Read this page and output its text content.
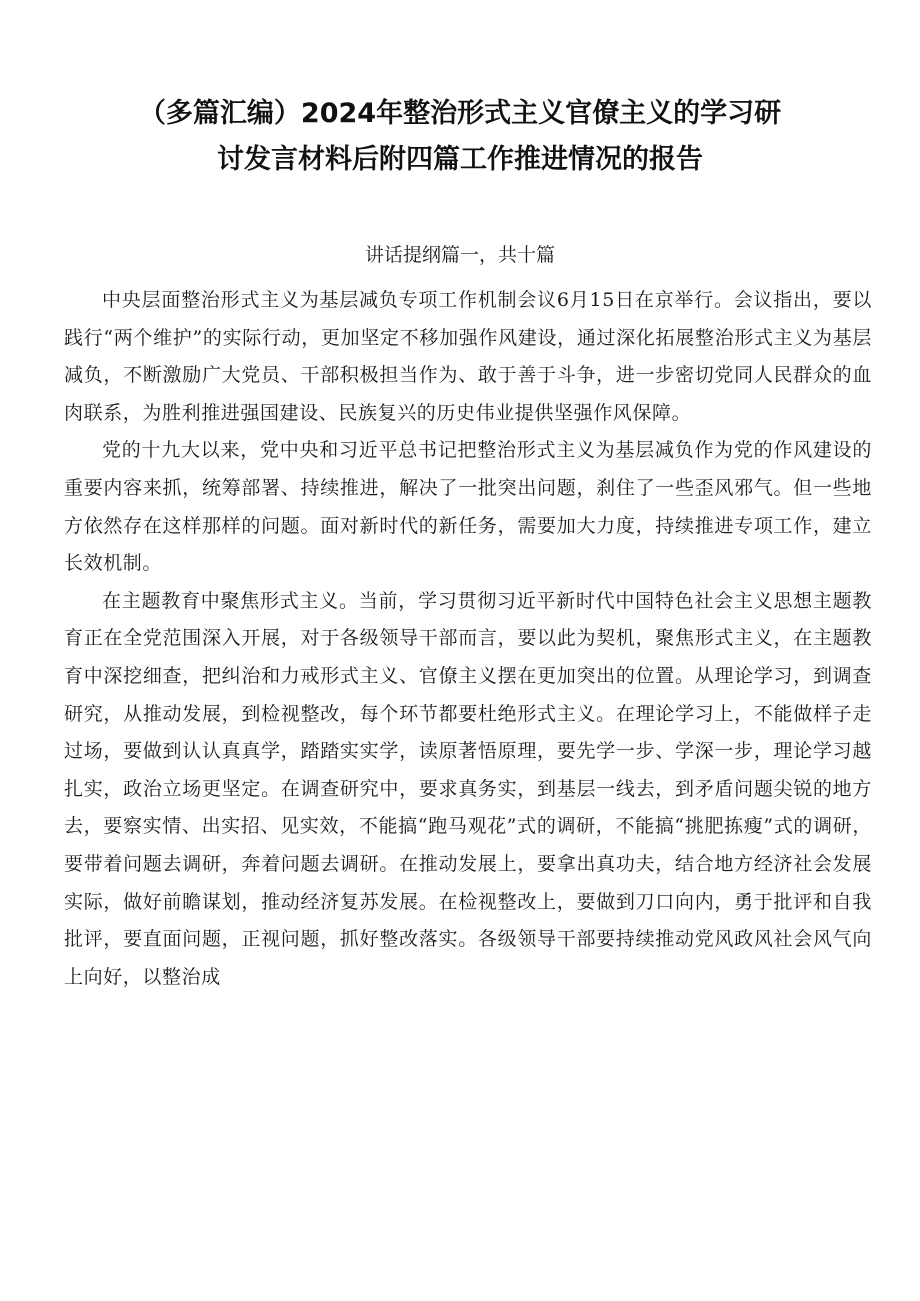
（多篇汇编）2024年整治形式主义官僚主义的学习研
讨发言材料后附四篇工作推进情况的报告
讲话提纲篇一，共十篇

中央层面整治形式主义为基层减负专项工作机制会议6月15日在京举行。会议指出，要以践行“两个维护”的实际行动，更加坚定不移加强作风建设，通过深化拓展整治形式主义为基层减负，不断激励广大党员、干部积极担当作为、敢于善于斗争，进一步密切党同人民群众的血肉联系，为胜利推进强国建设、民族复兴的历史伟业提供坚强作风保障。

党的十九大以来，党中央和习近平总书记把整治形式主义为基层减负作为党的作风建设的重要内容来抓，统筹部署、持续推进，解决了一批突出问题，刹住了一些歪风邪气。但一些地方依然存在这样那样的问题。面对新时代的新任务，需要加大力度，持续推进专项工作，建立长效机制。

在主题教育中聚焦形式主义。当前，学习贯彻习近平新时代中国特色社会主义思想主题教育正在全党范围深入开展，对于各级领导干部而言，要以此为契机，聚焦形式主义，在主题教育中深挖细查，把纠治和力戒形式主义、官僚主义摆在更加突出的位置。从理论学习，到调查研究，从推动发展，到检视整改，每个环节都要杜绝形式主义。在理论学习上，不能做样子走过场，要做到认认真真学，踏踏实实学，读原著悟原理，要先学一步、学深一步，理论学习越扎实，政治立场更坚定。在调查研究中，要求真务实，到基层一线去，到矛盾问题尖锐的地方去，要察实情、出实招、见实效，不能搞“跑马观花”式的调研，不能搞“挑肥拣瘦”式的调研，要带着问题去调研，奔着问题去调研。在推动发展上，要拿出真功夫，结合地方经济社会发展实际，做好前瞻谋划，推动经济复苏发展。在检视整改上，要做到刀口向内，勇于批评和自我批评，要直面问题，正视问题，抓好整改落实。各级领导干部要持续推动党风政风社会风气向上向好，以整治成
